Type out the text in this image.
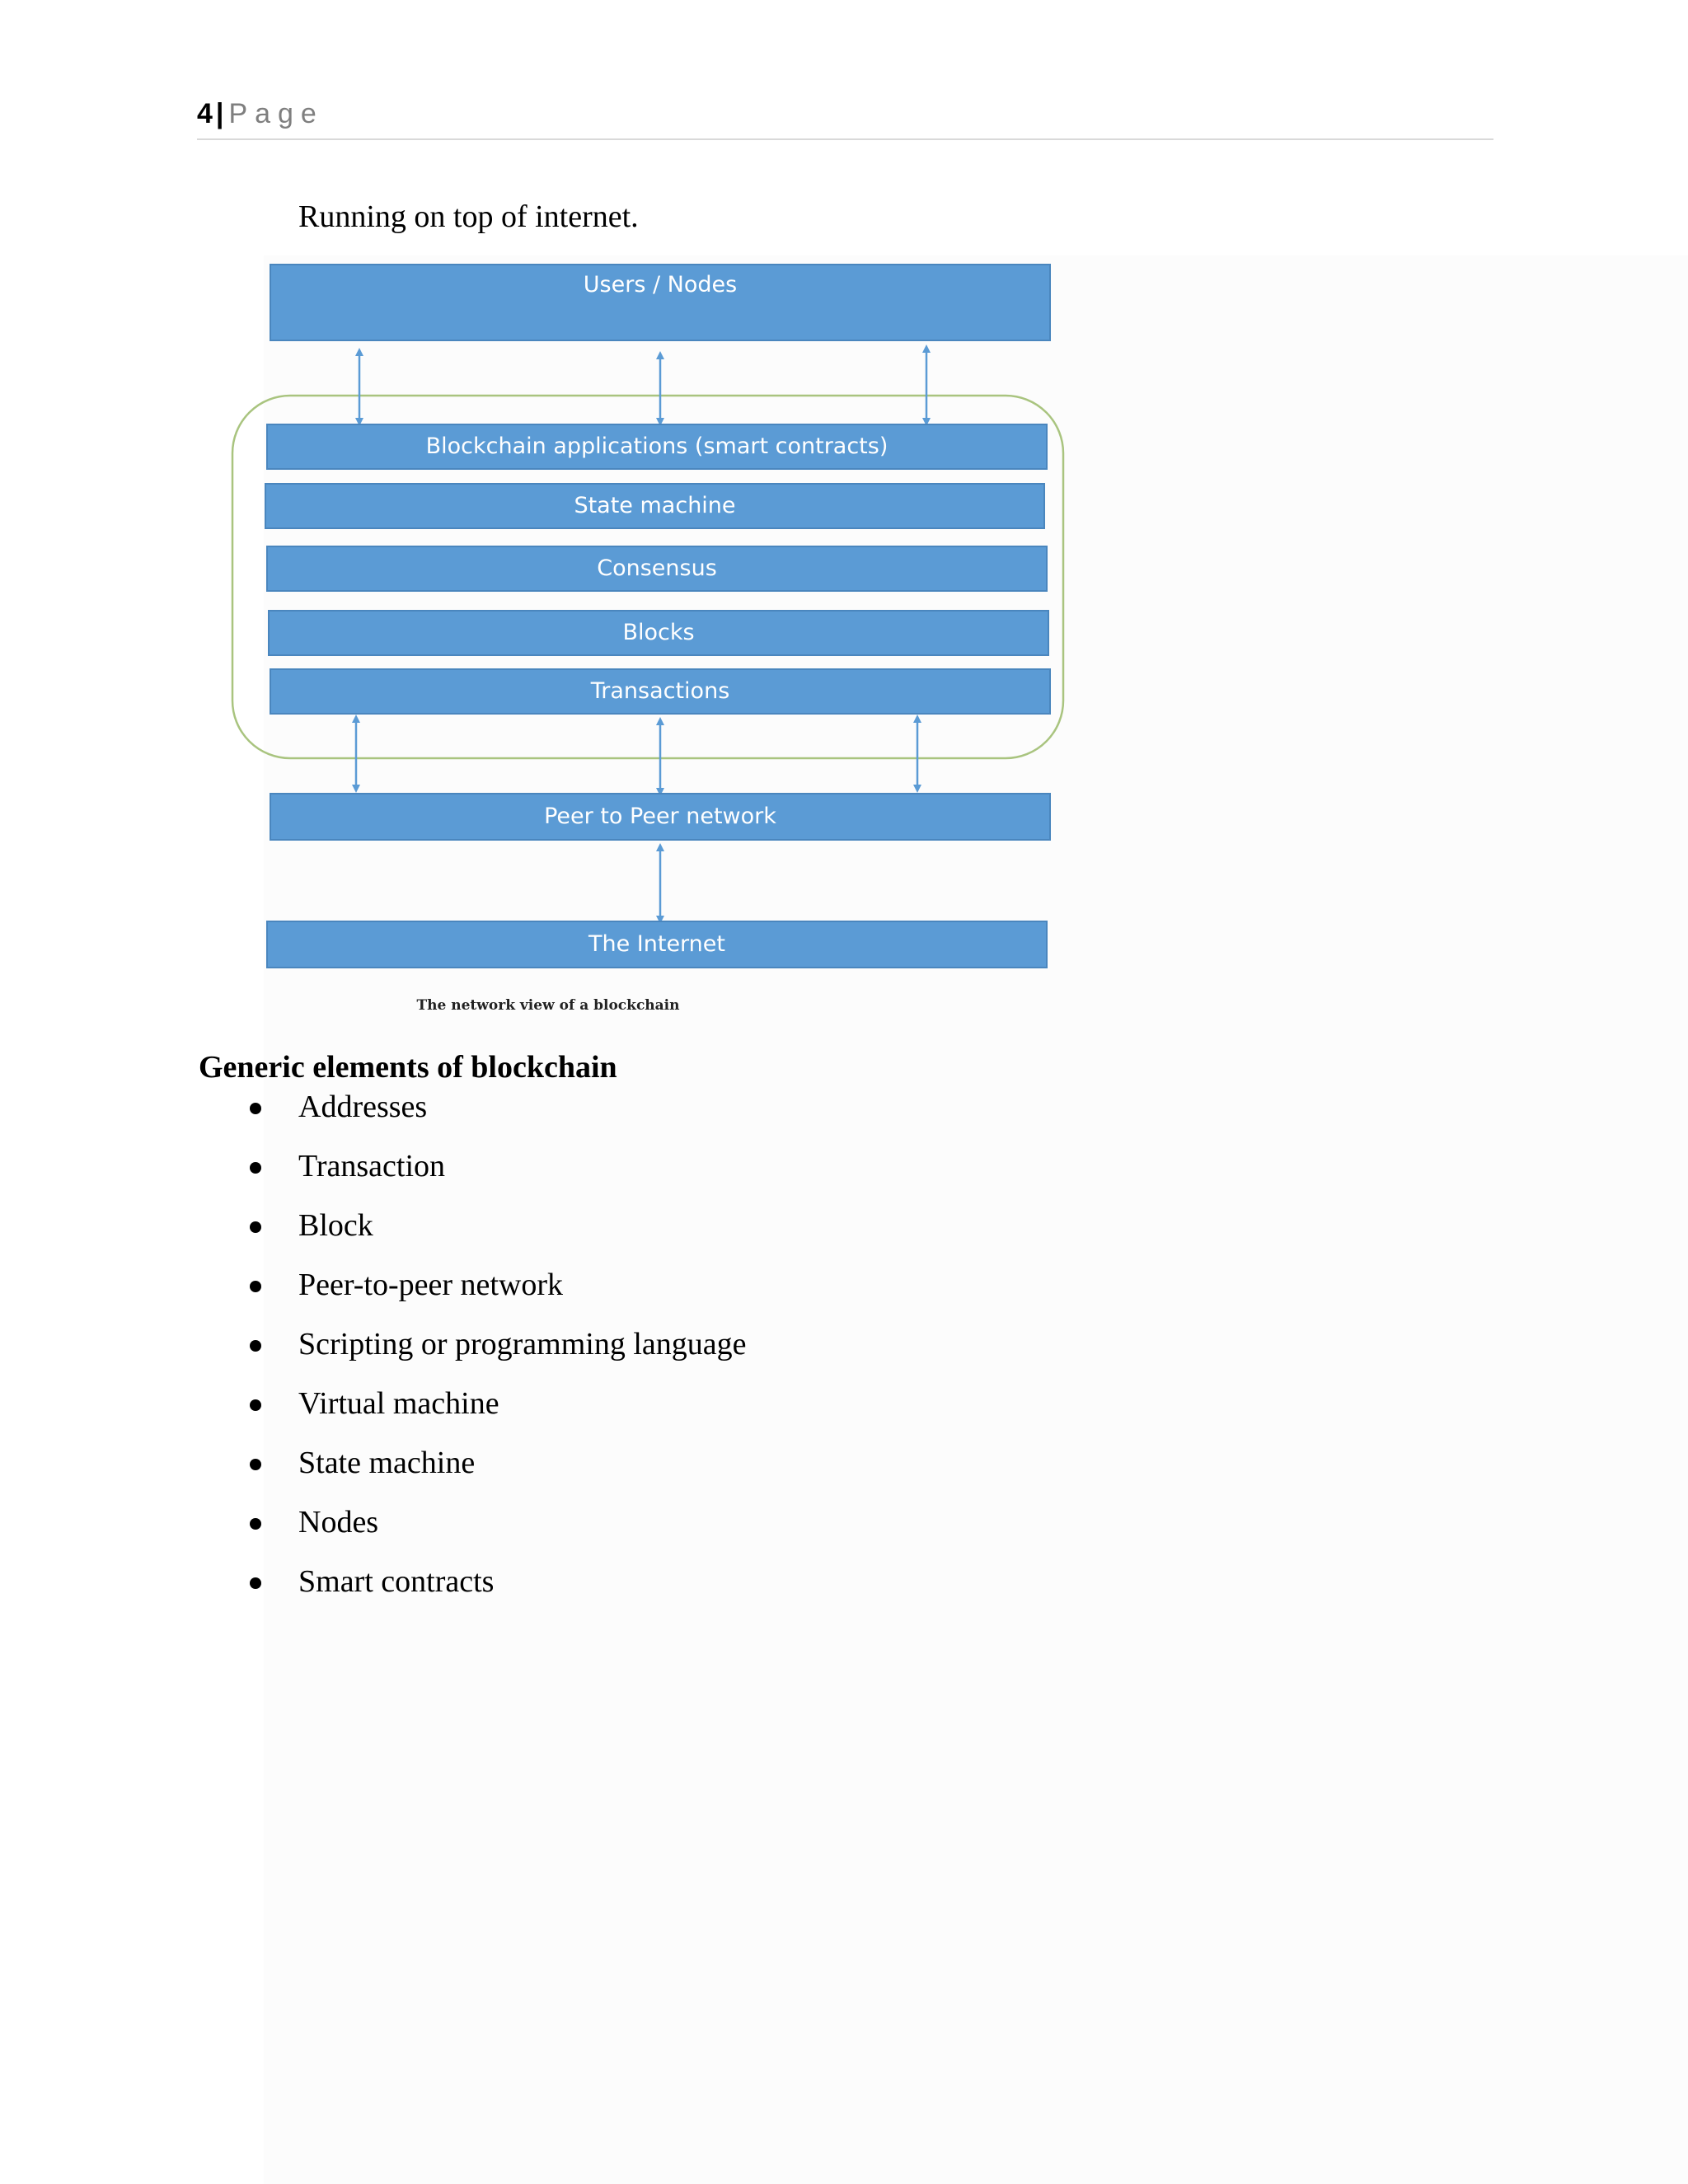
4 | Page
Running on top of internet.
Users / Nodes
Blockchain applications (smart contracts)
State machine
Consensus
Blocks
Transactions
Peer to Peer network
The Internet
The network view of a blockchain
Generic elements of blockchain
Addresses
Transaction
Block
Peer-to-peer network
Scripting or programming language
Virtual machine
State machine
Nodes
Smart contracts
